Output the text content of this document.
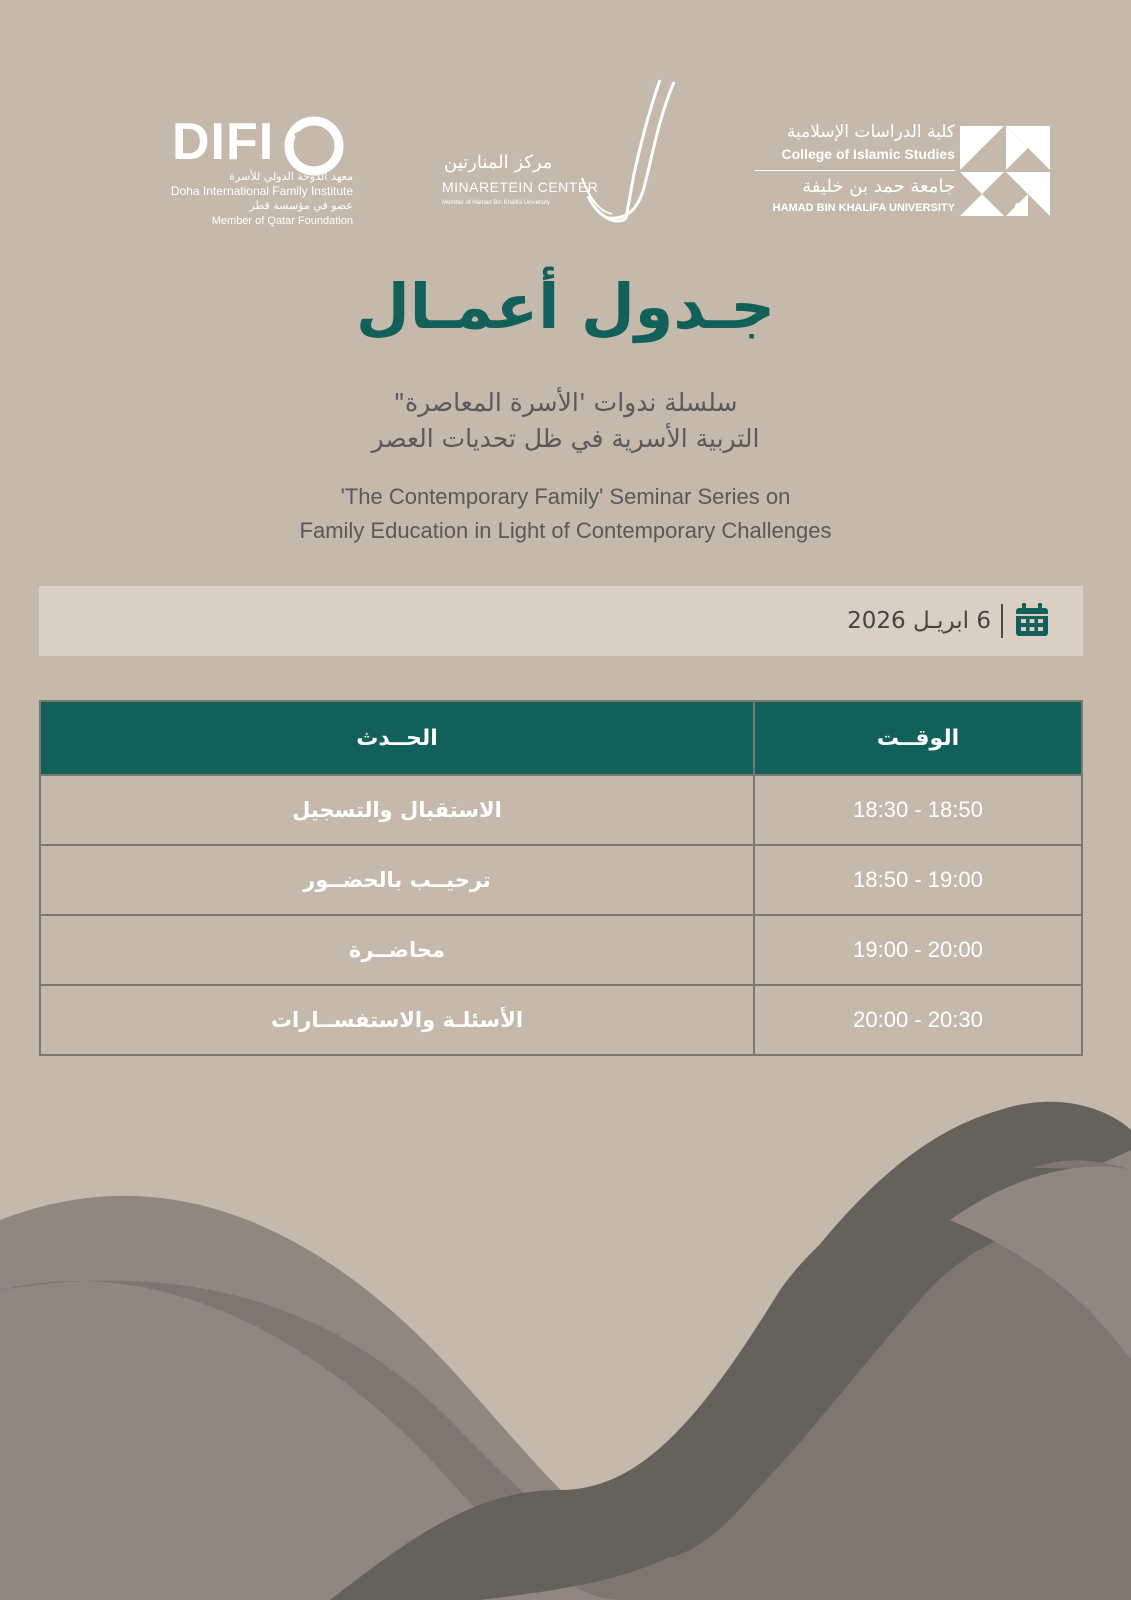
DIFI
معهد الدوحة الدولي للأسرة
Doha International Family Institute
عضو في مؤسسة قطر
Member of Qatar Foundation
مركز المنارتين
MINARETEIN CENTER
Member of Hamad Bin Khalifa University
كلية الدراسات الإسلامية
College of Islamic Studies
جامعة حمد بن خليفة
HAMAD BIN KHALIFA UNIVERSITY
جـدول أعمـال
سلسلة ندوات 'الأسرة المعاصرة"
التربية الأسرية في ظل تحديات العصر
'The Contemporary Family' Seminar Series on
Family Education in Light of Contemporary Challenges
6 ابريـل 2026
الوقــت	الحــدث
18:50 - 18:30	الاستقبال والتسجيل
19:00 - 18:50	ترحيــب بالحضــور
20:00 - 19:00	محاضــرة
20:30 - 20:00	الأسئلـة والاستفســارات
